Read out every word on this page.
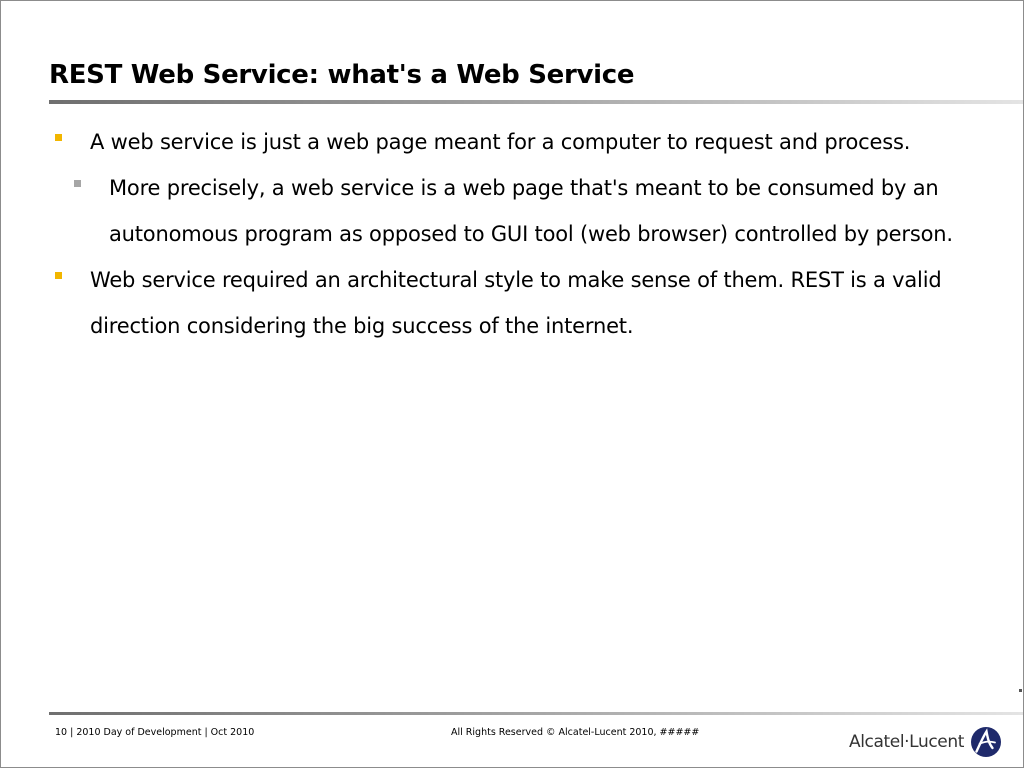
REST Web Service: what's a Web Service
A web service is just a web page meant for a computer to request and process.
More precisely, a web service is a web page that's meant to be consumed by an autonomous program as opposed to GUI tool (web browser) controlled by person.
Web service required an architectural style to make sense of them. REST is a valid direction considering the big success of the internet.
10 | 2010 Day of Development | Oct 2010	All Rights Reserved © Alcatel-Lucent 2010, #####	Alcatel·Lucent
